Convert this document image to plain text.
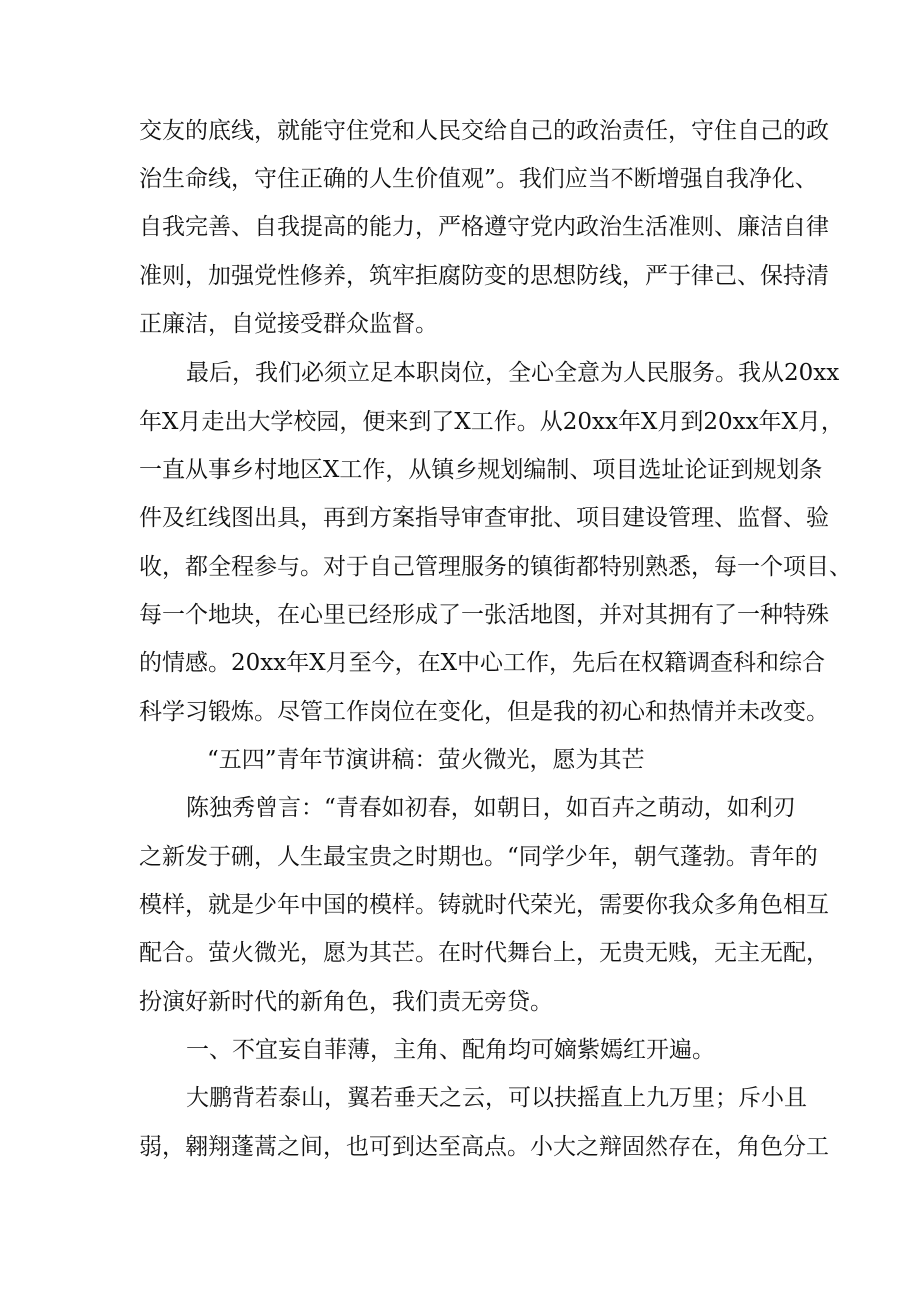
交友的底线，就能守住党和人民交给自己的政治责任，守住自己的政
治生命线，守住正确的人生价值观”。我们应当不断增强自我净化、
自我完善、自我提高的能力，严格遵守党内政治生活准则、廉洁自律
准则，加强党性修养，筑牢拒腐防变的思想防线，严于律己、保持清
正廉洁，自觉接受群众监督。
最后，我们必须立足本职岗位，全心全意为人民服务。我从20xx
年X月走出大学校园，便来到了X工作。从20xx年X月到20xx年X月，
一直从事乡村地区X工作，从镇乡规划编制、项目选址论证到规划条
件及红线图出具，再到方案指导审查审批、项目建设管理、监督、验
收，都全程参与。对于自己管理服务的镇街都特别熟悉，每一个项目、
每一个地块，在心里已经形成了一张活地图，并对其拥有了一种特殊
的情感。20xx年X月至今，在X中心工作，先后在权籍调查科和综合
科学习锻炼。尽管工作岗位在变化，但是我的初心和热情并未改变。
“五四”青年节演讲稿：萤火微光，愿为其芒
陈独秀曾言：“青春如初春，如朝日，如百卉之萌动，如利刃
之新发于硎，人生最宝贵之时期也。“同学少年，朝气蓬勃。青年的
模样，就是少年中国的模样。铸就时代荣光，需要你我众多角色相互
配合。萤火微光，愿为其芒。在时代舞台上，无贵无贱，无主无配，
扮演好新时代的新角色，我们责无旁贷。
一、不宜妄自菲薄，主角、配角均可嫡紫嫣红开遍。
大鹏背若泰山，翼若垂天之云，可以扶摇直上九万里；斥小且
弱，翱翔蓬蒿之间，也可到达至高点。小大之辩固然存在，角色分工
